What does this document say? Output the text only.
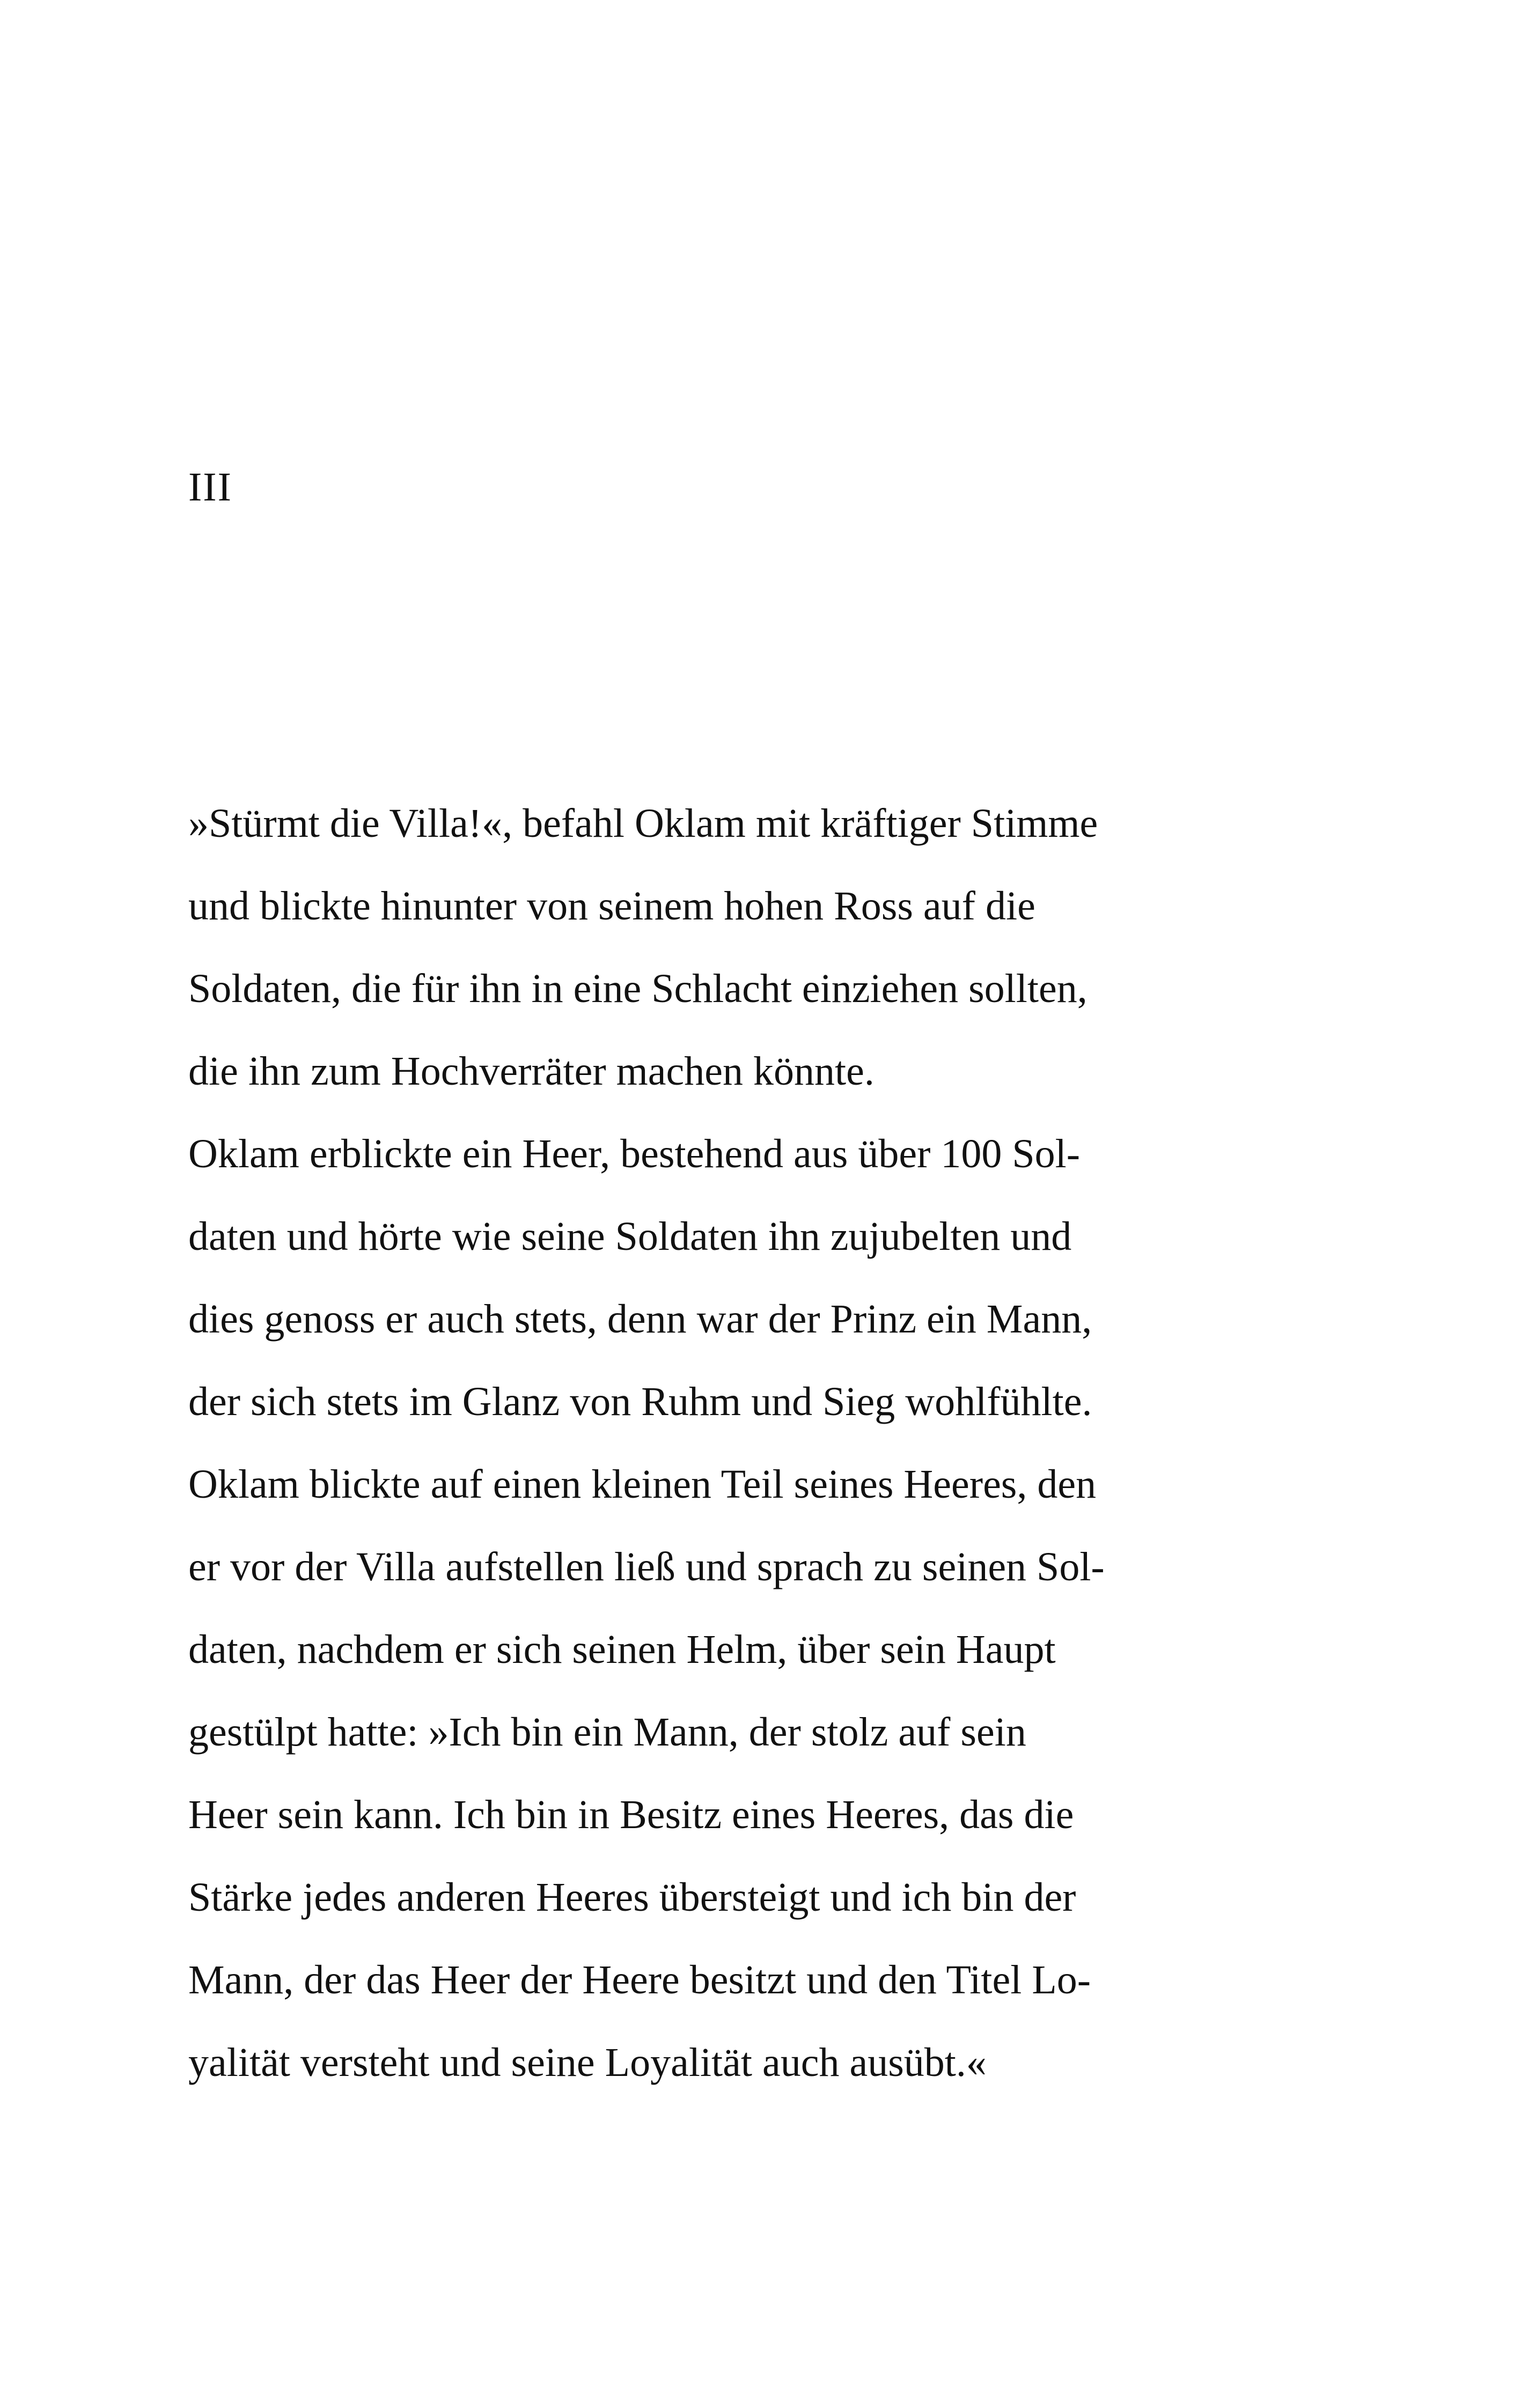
III
»Stürmt die Villa!«, befahl Oklam mit kräftiger Stimme
und blickte hinunter von seinem hohen Ross auf die
Soldaten, die für ihn in eine Schlacht einziehen sollten,
die ihn zum Hochverräter machen könnte.
Oklam erblickte ein Heer, bestehend aus über 100 Sol-
daten und hörte wie seine Soldaten ihn zujubelten und
dies genoss er auch stets, denn war der Prinz ein Mann,
der sich stets im Glanz von Ruhm und Sieg wohlfühlte.
Oklam blickte auf einen kleinen Teil seines Heeres, den
er vor der Villa aufstellen ließ und sprach zu seinen Sol-
daten, nachdem er sich seinen Helm, über sein Haupt
gestülpt hatte: »Ich bin ein Mann, der stolz auf sein
Heer sein kann. Ich bin in Besitz eines Heeres, das die
Stärke jedes anderen Heeres übersteigt und ich bin der
Mann, der das Heer der Heere besitzt und den Titel Lo-
yalität versteht und seine Loyalität auch ausübt.«
